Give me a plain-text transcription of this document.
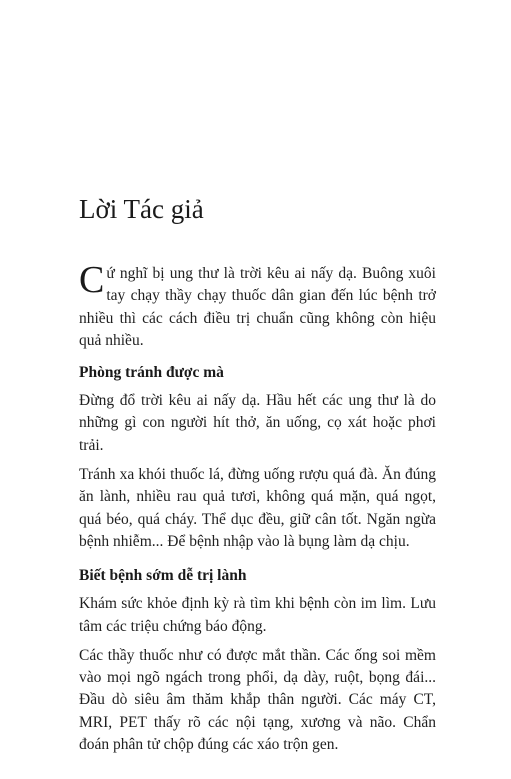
Lời Tác giả

Cứ nghĩ bị ung thư là trời kêu ai nấy dạ. Buông xuôi tay chạy thầy chạy thuốc dân gian đến lúc bệnh trở nhiều thì các cách điều trị chuẩn cũng không còn hiệu quả nhiều.

Phòng tránh được mà

Đừng đổ trời kêu ai nấy dạ. Hầu hết các ung thư là do những gì con người hít thở, ăn uống, cọ xát hoặc phơi trải.

Tránh xa khói thuốc lá, đừng uống rượu quá đà. Ăn đúng ăn lành, nhiều rau quả tươi, không quá mặn, quá ngọt, quá béo, quá cháy. Thể dục đều, giữ cân tốt. Ngăn ngừa bệnh nhiễm... Để bệnh nhập vào là bụng làm dạ chịu.

Biết bệnh sớm dễ trị lành

Khám sức khỏe định kỳ rà tìm khi bệnh còn im lìm. Lưu tâm các triệu chứng báo động.

Các thầy thuốc như có được mắt thần. Các ống soi mềm vào mọi ngõ ngách trong phổi, dạ dày, ruột, bọng đái... Đầu dò siêu âm thăm khắp thân người. Các máy CT, MRI, PET thấy rõ các nội tạng, xương và não. Chẩn đoán phân tử chộp đúng các xáo trộn gen.
